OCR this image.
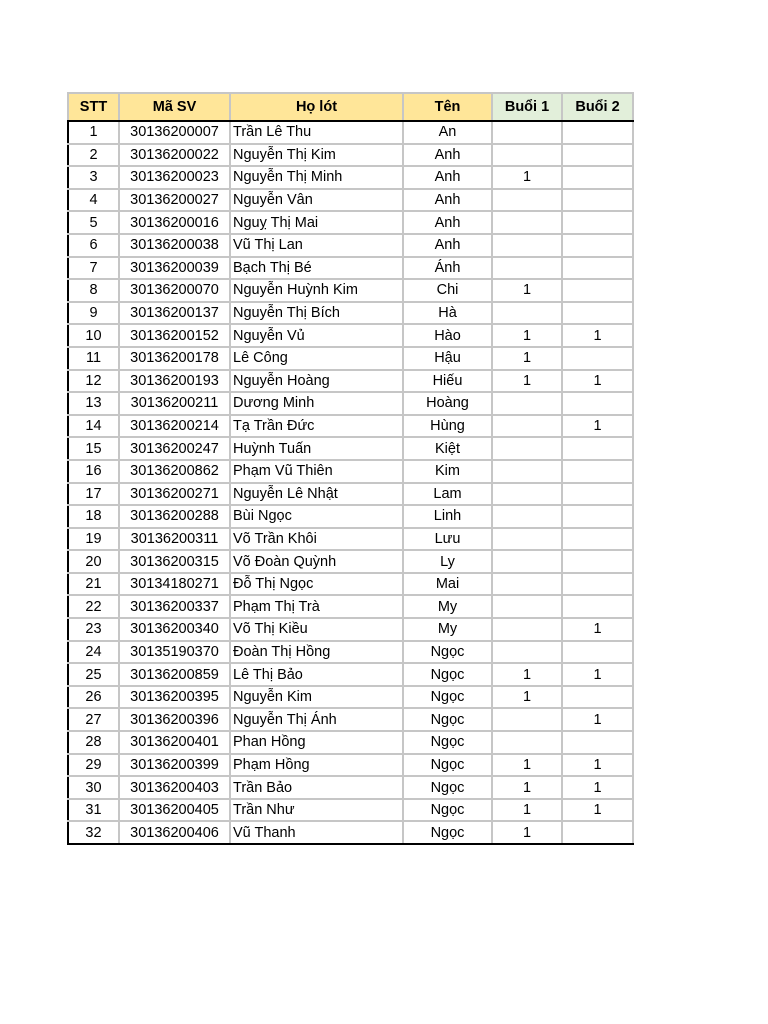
STT	Mã SV	Họ lót	Tên	Buổi 1	Buổi 2
1	30136200007	Trần Lê Thu	An		
2	30136200022	Nguyễn Thị Kim	Anh		
3	30136200023	Nguyễn Thị Minh	Anh	1	
4	30136200027	Nguyễn Vân	Anh		
5	30136200016	Nguỵ Thị Mai	Anh		
6	30136200038	Vũ Thị Lan	Anh		
7	30136200039	Bạch Thị Bé	Ánh		
8	30136200070	Nguyễn Huỳnh Kim	Chi	1	
9	30136200137	Nguyễn Thị Bích	Hà		
10	30136200152	Nguyễn Vủ	Hào	1	1
11	30136200178	Lê Công	Hậu	1	
12	30136200193	Nguyễn Hoàng	Hiếu	1	1
13	30136200211	Dương Minh	Hoàng		
14	30136200214	Tạ Trần Đức	Hùng		1
15	30136200247	Huỳnh Tuấn	Kiệt		
16	30136200862	Phạm Vũ Thiên	Kim		
17	30136200271	Nguyễn Lê Nhật	Lam		
18	30136200288	Bùi Ngọc	Linh		
19	30136200311	Võ Trần Khôi	Lưu		
20	30136200315	Võ Đoàn Quỳnh	Ly		
21	30134180271	Đỗ Thị Ngọc	Mai		
22	30136200337	Phạm Thị Trà	My		
23	30136200340	Võ Thị Kiều	My		1
24	30135190370	Đoàn Thị Hồng	Ngọc		
25	30136200859	Lê Thị Bảo	Ngọc	1	1
26	30136200395	Nguyễn Kim	Ngọc	1	
27	30136200396	Nguyễn Thị Ánh	Ngọc		1
28	30136200401	Phan Hồng	Ngọc		
29	30136200399	Phạm Hồng	Ngọc	1	1
30	30136200403	Trần Bảo	Ngọc	1	1
31	30136200405	Trần Như	Ngọc	1	1
32	30136200406	Vũ Thanh	Ngọc	1	
